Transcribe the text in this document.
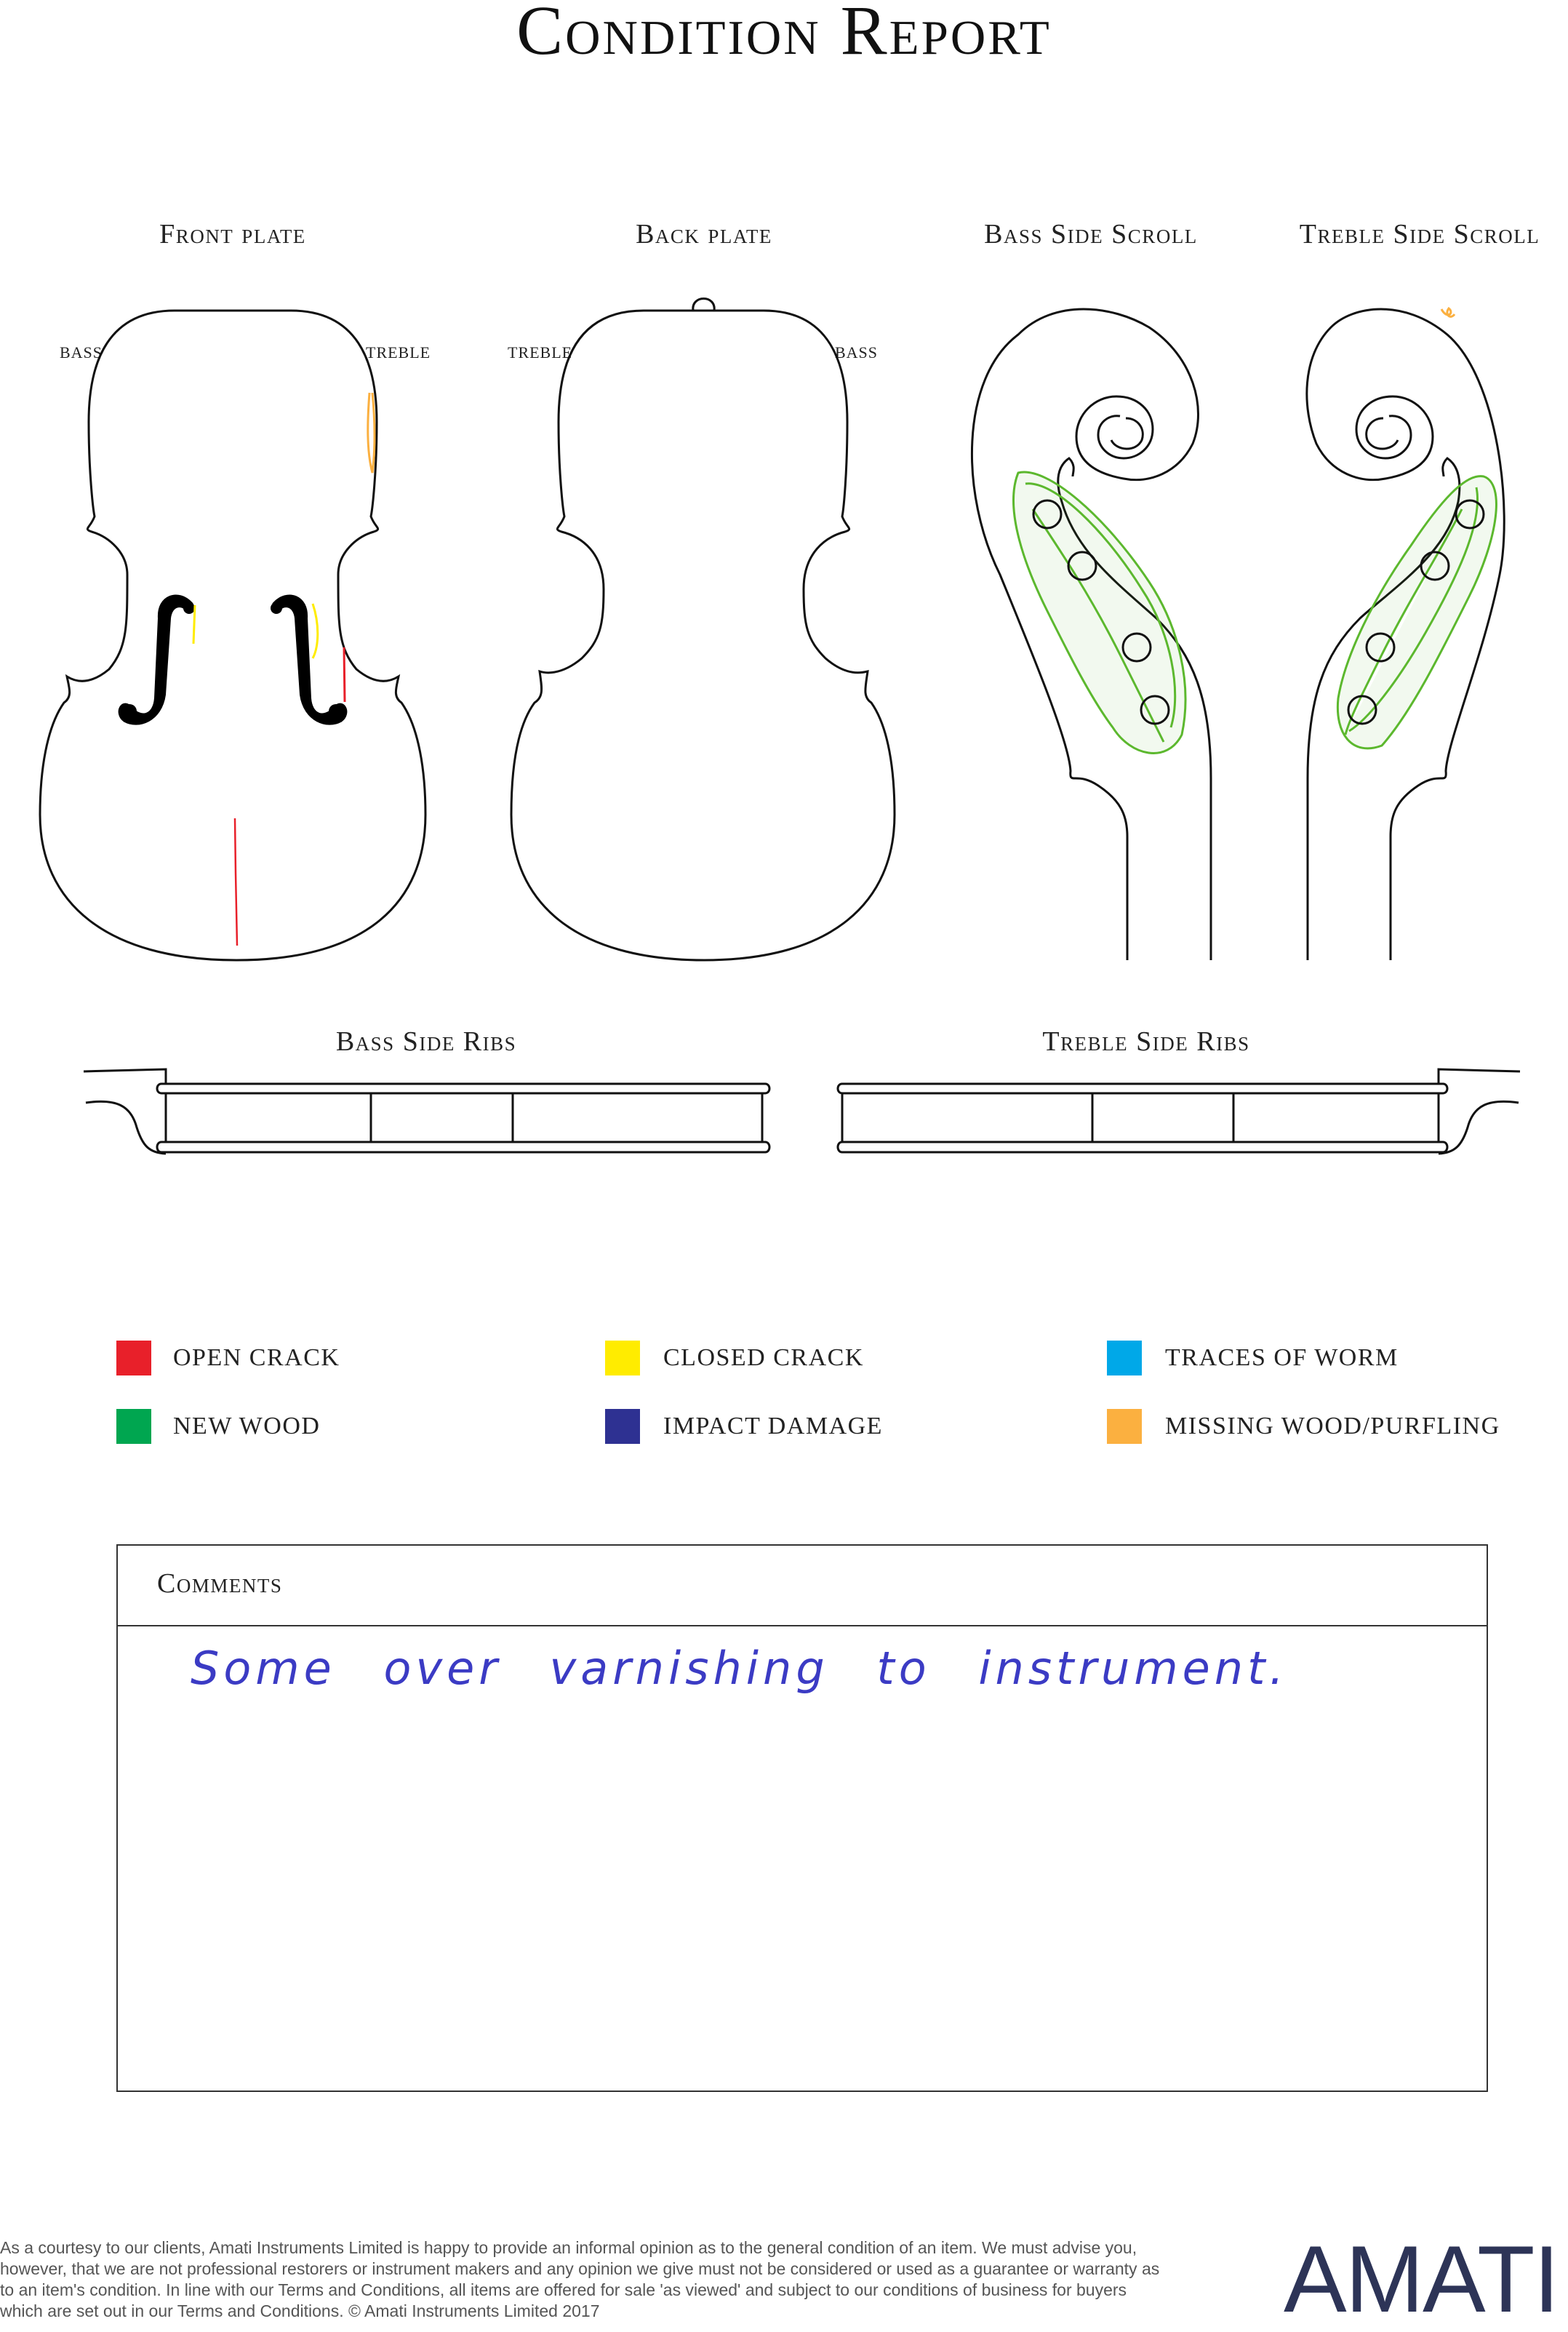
Condition Report
Front plate	Back plate	Bass Side Scroll	Treble Side Scroll
BASS	TREBLE	TREBLE	BASS
Bass Side Ribs	Treble Side Ribs
OPEN CRACK	CLOSED CRACK	TRACES OF WORM
NEW WOOD	IMPACT DAMAGE	MISSING WOOD/PURFLING
Comments
Some over varnishing to instrument.
As a courtesy to our clients, Amati Instruments Limited is happy to provide an informal opinion as to the general condition of an item. We must advise you, however, that we are not professional restorers or instrument makers and any opinion we give must not be considered or used as a guarantee or warranty as to an item's condition. In line with our Terms and Conditions, all items are offered for sale 'as viewed' and subject to our conditions of business for buyers which are set out in our Terms and Conditions. © Amati Instruments Limited 2017	AMATI
